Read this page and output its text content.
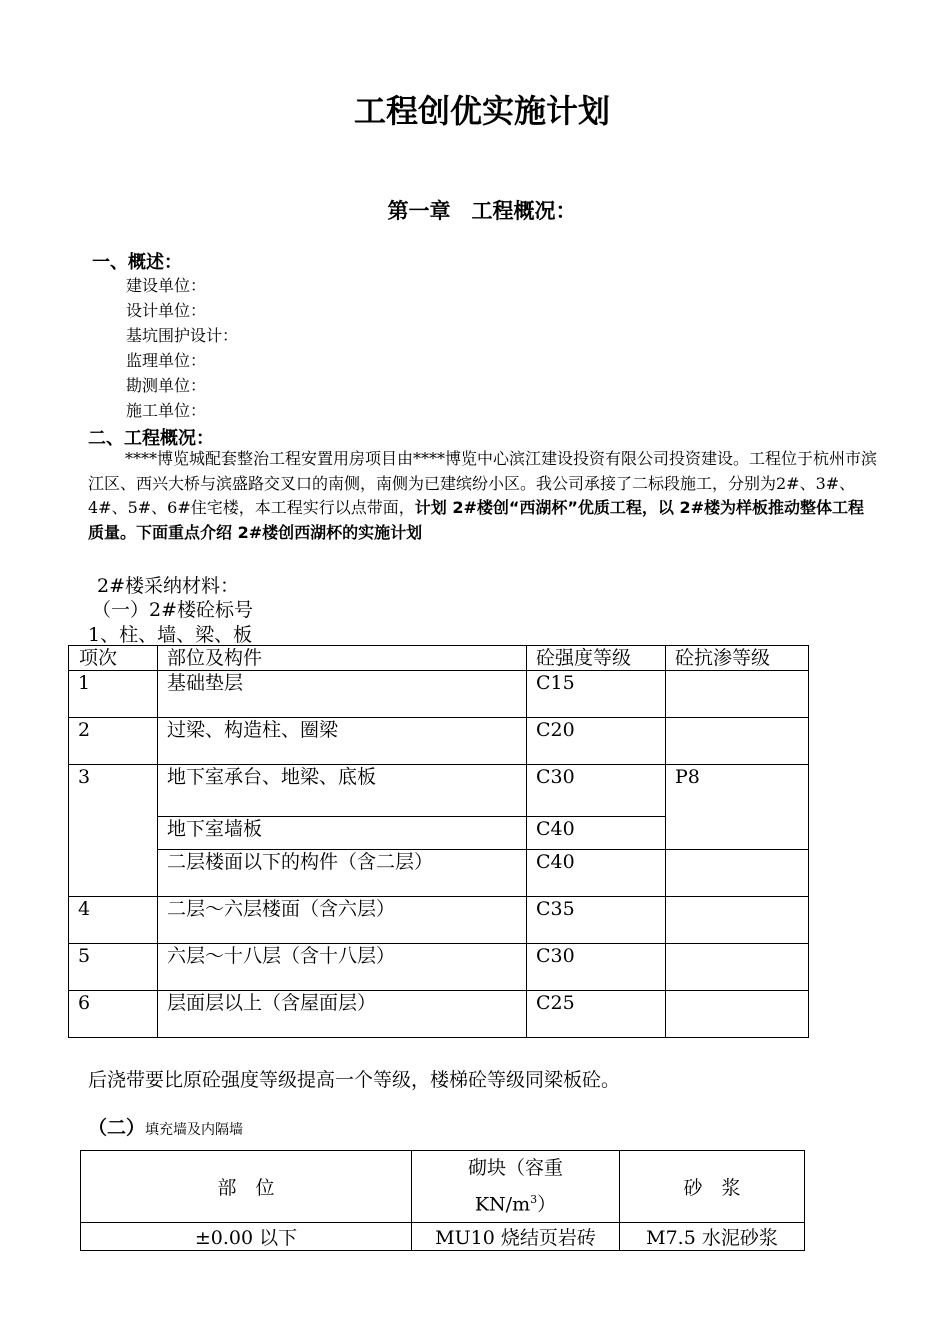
工程创优实施计划
第一章　工程概况：
一、概述：
建设单位：
设计单位：
基坑围护设计：
监理单位：
勘测单位：
施工单位：
二、工程概况：
****博览城配套整治工程安置用房项目由****博览中心滨江建设投资有限公司投资建设。工程位于杭州市滨江区、西兴大桥与滨盛路交叉口的南侧，南侧为已建缤纷小区。我公司承接了二标段施工，分别为2#、3#、4#、5#、6#住宅楼，本工程实行以点带面，计划 2#楼创“西湖杯”优质工程，以 2#楼为样板推动整体工程质量。下面重点介绍 2#楼创西湖杯的实施计划
2#楼采纳材料：
（一）2#楼砼标号
1、柱、墙、梁、板
项次	部位及构件	砼强度等级	砼抗渗等级
1	基础垫层	C15	
2	过梁、构造柱、圈梁	C20	
3	地下室承台、地梁、底板	C30	P8
	地下室墙板	C40	
	二层楼面以下的构件（含二层）	C40	
4	二层～六层楼面（含六层）	C35	
5	六层～十八层（含十八层）	C30	
6	层面层以上（含屋面层）	C25	
后浇带要比原砼强度等级提高一个等级，楼梯砼等级同梁板砼。
（二）填充墙及内隔墙
部　位	砌块（容重
$KN/m^3$）	砂　浆
±0.00 以下	MU10 烧结页岩砖	M7.5 水泥砂浆
